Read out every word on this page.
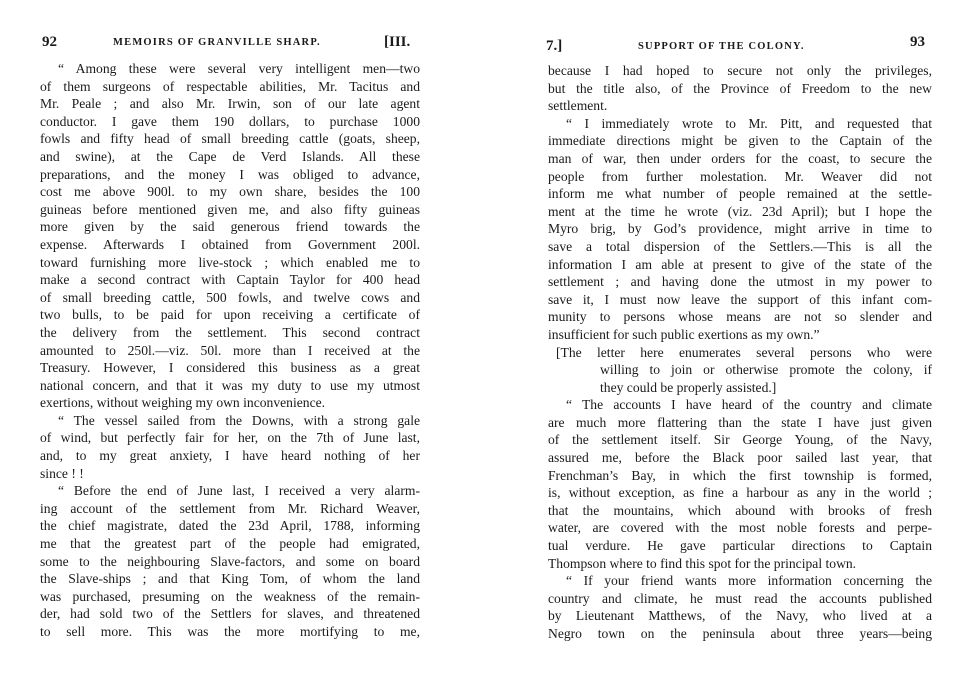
92	MEMOIRS OF GRANVILLE SHARP.	[III.
“ Among these were several very intelligent men—two
of them surgeons of respectable abilities, Mr. Tacitus and
Mr. Peale ; and also Mr. Irwin, son of our late agent
conductor. I gave them 190 dollars, to purchase 1000
fowls and fifty head of small breeding cattle (goats, sheep,
and swine), at the Cape de Verd Islands. All these
preparations, and the money I was obliged to advance,
cost me above 900l. to my own share, besides the 100
guineas before mentioned given me, and also fifty guineas
more given by the said generous friend towards the
expense. Afterwards I obtained from Government 200l.
toward furnishing more live-stock ; which enabled me to
make a second contract with Captain Taylor for 400 head
of small breeding cattle, 500 fowls, and twelve cows and
two bulls, to be paid for upon receiving a certificate of
the delivery from the settlement. This second contract
amounted to 250l.—viz. 50l. more than I received at the
Treasury. However, I considered this business as a great
national concern, and that it was my duty to use my utmost
exertions, without weighing my own inconvenience.
“ The vessel sailed from the Downs, with a strong gale
of wind, but perfectly fair for her, on the 7th of June last,
and, to my great anxiety, I have heard nothing of her
since ! !
“ Before the end of June last, I received a very alarm-
ing account of the settlement from Mr. Richard Weaver,
the chief magistrate, dated the 23d April, 1788, informing
me that the greatest part of the people had emigrated,
some to the neighbouring Slave-factors, and some on board
the Slave-ships ; and that King Tom, of whom the land
was purchased, presuming on the weakness of the remain-
der, had sold two of the Settlers for slaves, and threatened
to sell more. This was the more mortifying to me,
7.]	SUPPORT OF THE COLONY.	93
because I had hoped to secure not only the privileges,
but the title also, of the Province of Freedom to the new
settlement.
“ I immediately wrote to Mr. Pitt, and requested that
immediate directions might be given to the Captain of the
man of war, then under orders for the coast, to secure the
people from further molestation. Mr. Weaver did not
inform me what number of people remained at the settle-
ment at the time he wrote (viz. 23d April); but I hope the
Myro brig, by God’s providence, might arrive in time to
save a total dispersion of the Settlers.—This is all the
information I am able at present to give of the state of the
settlement ; and having done the utmost in my power to
save it, I must now leave the support of this infant com-
munity to persons whose means are not so slender and
insufficient for such public exertions as my own.”
[The letter here enumerates several persons who were
willing to join or otherwise promote the colony, if
they could be properly assisted.]
“ The accounts I have heard of the country and climate
are much more flattering than the state I have just given
of the settlement itself. Sir George Young, of the Navy,
assured me, before the Black poor sailed last year, that
Frenchman’s Bay, in which the first township is formed,
is, without exception, as fine a harbour as any in the world ;
that the mountains, which abound with brooks of fresh
water, are covered with the most noble forests and perpe-
tual verdure. He gave particular directions to Captain
Thompson where to find this spot for the principal town.
“ If your friend wants more information concerning the
country and climate, he must read the accounts published
by Lieutenant Matthews, of the Navy, who lived at a
Negro town on the peninsula about three years—being
